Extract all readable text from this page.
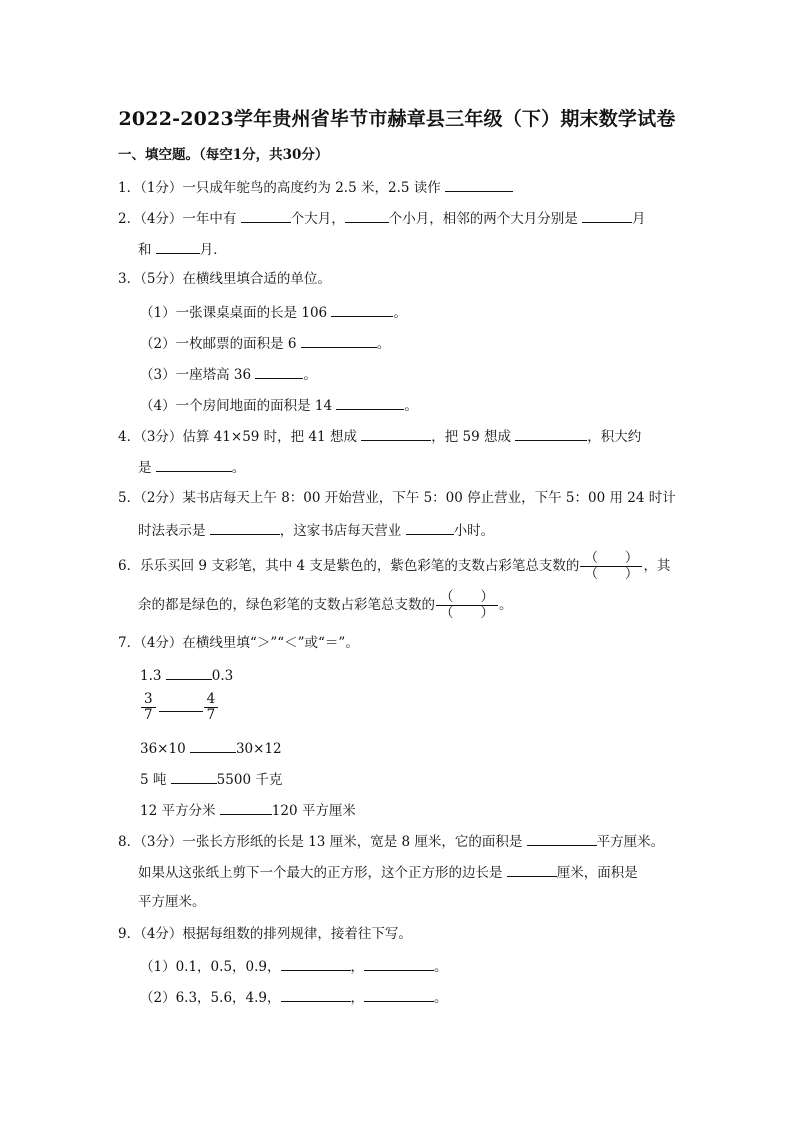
2022-2023学年贵州省毕节市赫章县三年级（下）期末数学试卷
一、填空题。（每空1分，共30分）
1．（1分）一只成年鸵鸟的高度约为 2.5 米，2.5 读作
2．（4分）一年中有	个大月，	个小月，相邻的两个大月分别是	月
和	月．
3．（5分）在横线里填合适的单位。
（1）一张课桌桌面的长是 106	。
（2）一枚邮票的面积是 6	。
（3）一座塔高 36	。
（4）一个房间地面的面积是 14	。
4．（3分）估算 41×59 时，把 41 想成	，把 59 想成	，积大约
是	。
5．（2分）某书店每天上午 8：00 开始营业，下午 5：00 停止营业，下午 5：00 用 24 时计
时法表示是	，这家书店每天营业	小时。
6．乐乐买回 9 支彩笔，其中 4 支是紫色的，紫色彩笔的支数占彩笔总支数的 $\frac{( )}{( )}$ ，其
余的都是绿色的，绿色彩笔的支数占彩笔总支数的 $\frac{( )}{( )}$ 。
7．（4分）在横线里填“＞”“＜”或“＝”。
1.3	0.3
$\frac{3}{7}$	$\frac{4}{7}$
36×10	30×12
5 吨	5500 千克
12 平方分米	120 平方厘米
8．（3分）一张长方形纸的长是 13 厘米，宽是 8 厘米，它的面积是	平方厘米。
如果从这张纸上剪下一个最大的正方形，这个正方形的边长是	厘米，面积是
平方厘米。
9．（4分）根据每组数的排列规律，接着往下写。
（1）0.1，0.5，0.9，	，	。
（2）6.3，5.6，4.9，	，	。
